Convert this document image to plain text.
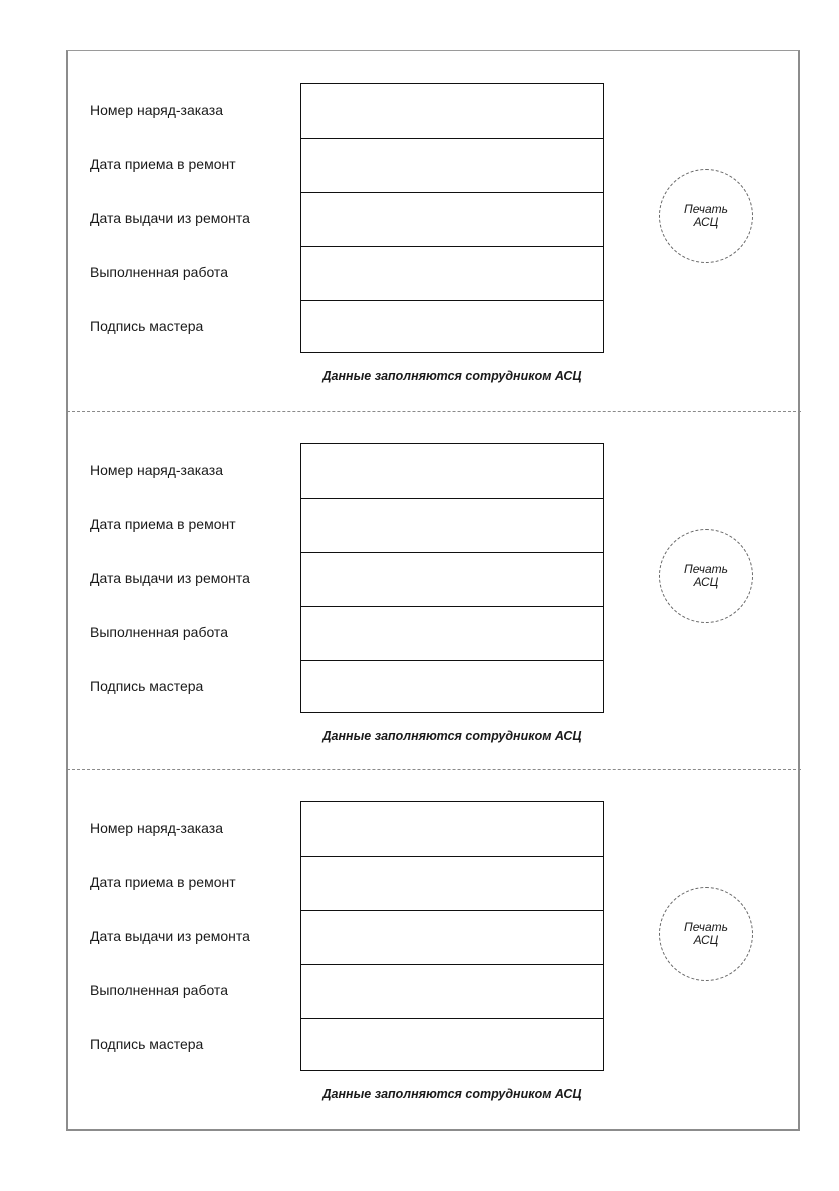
Номер наряд-заказа
Дата приема в ремонт
Дата выдачи из ремонта
Выполненная работа
Подпись мастера
Данные заполняются сотрудником АСЦ
Печать
АСЦ
Номер наряд-заказа
Дата приема в ремонт
Дата выдачи из ремонта
Выполненная работа
Подпись мастера
Данные заполняются сотрудником АСЦ
Печать
АСЦ
Номер наряд-заказа
Дата приема в ремонт
Дата выдачи из ремонта
Выполненная работа
Подпись мастера
Данные заполняются сотрудником АСЦ
Печать
АСЦ
